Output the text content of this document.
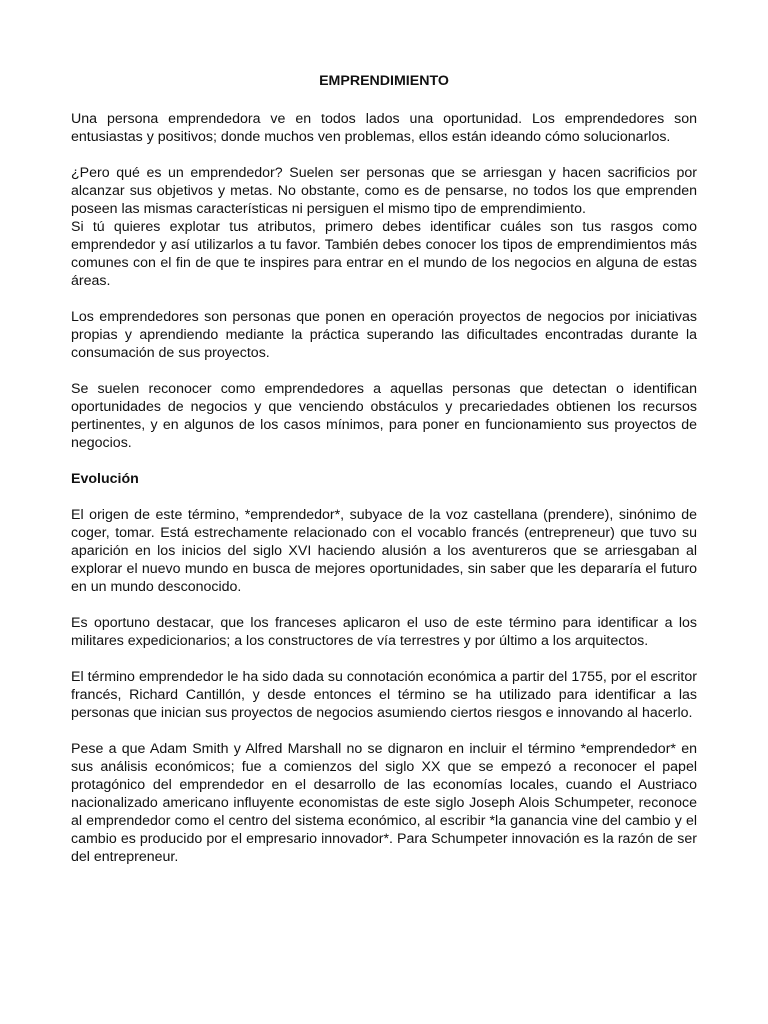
EMPRENDIMIENTO

Una persona emprendedora ve en todos lados una oportunidad. Los emprendedores son entusiastas y positivos; donde muchos ven problemas, ellos están ideando cómo solucionarlos.

¿Pero qué es un emprendedor? Suelen ser personas que se arriesgan y hacen sacrificios por alcanzar sus objetivos y metas. No obstante, como es de pensarse, no todos los que emprenden poseen las mismas características ni persiguen el mismo tipo de emprendimiento.

Si tú quieres explotar tus atributos, primero debes identificar cuáles son tus rasgos como emprendedor y así utilizarlos a tu favor. También debes conocer los tipos de emprendimientos más comunes con el fin de que te inspires para entrar en el mundo de los negocios en alguna de estas áreas.

Los emprendedores son personas que ponen en operación proyectos de negocios por iniciativas propias y aprendiendo mediante la práctica superando las dificultades encontradas durante la consumación de sus proyectos.

Se suelen reconocer como emprendedores a aquellas personas que detectan o identifican oportunidades de negocios y que venciendo obstáculos y precariedades obtienen los recursos pertinentes, y en algunos de los casos mínimos, para poner en funcionamiento sus proyectos de negocios.

Evolución

El origen de este término, *emprendedor*, subyace de la voz castellana (prendere), sinónimo de coger, tomar. Está estrechamente relacionado con el vocablo francés (entrepreneur) que tuvo su aparición en los inicios del siglo XVI haciendo alusión a los aventureros que se arriesgaban al explorar el nuevo mundo en busca de mejores oportunidades, sin saber que les depararía el futuro en un mundo desconocido.

Es oportuno destacar, que los franceses aplicaron el uso de este término para identificar a los militares expedicionarios; a los constructores de vía terrestres y por último a los arquitectos.

El término emprendedor le ha sido dada su connotación económica a partir del 1755, por el escritor francés, Richard Cantillón, y desde entonces el término se ha utilizado para identificar a las personas que inician sus proyectos de negocios asumiendo ciertos riesgos e innovando al hacerlo.

Pese a que Adam Smith y Alfred Marshall no se dignaron en incluir el término *emprendedor* en sus análisis económicos; fue a comienzos del siglo XX que se empezó a reconocer el papel protagónico del emprendedor en el desarrollo de las economías locales, cuando el Austriaco nacionalizado americano influyente economistas de este siglo Joseph Alois Schumpeter, reconoce al emprendedor como el centro del sistema económico, al escribir *la ganancia vine del cambio y el cambio es producido por el empresario innovador*. Para Schumpeter innovación es la razón de ser del entrepreneur.
